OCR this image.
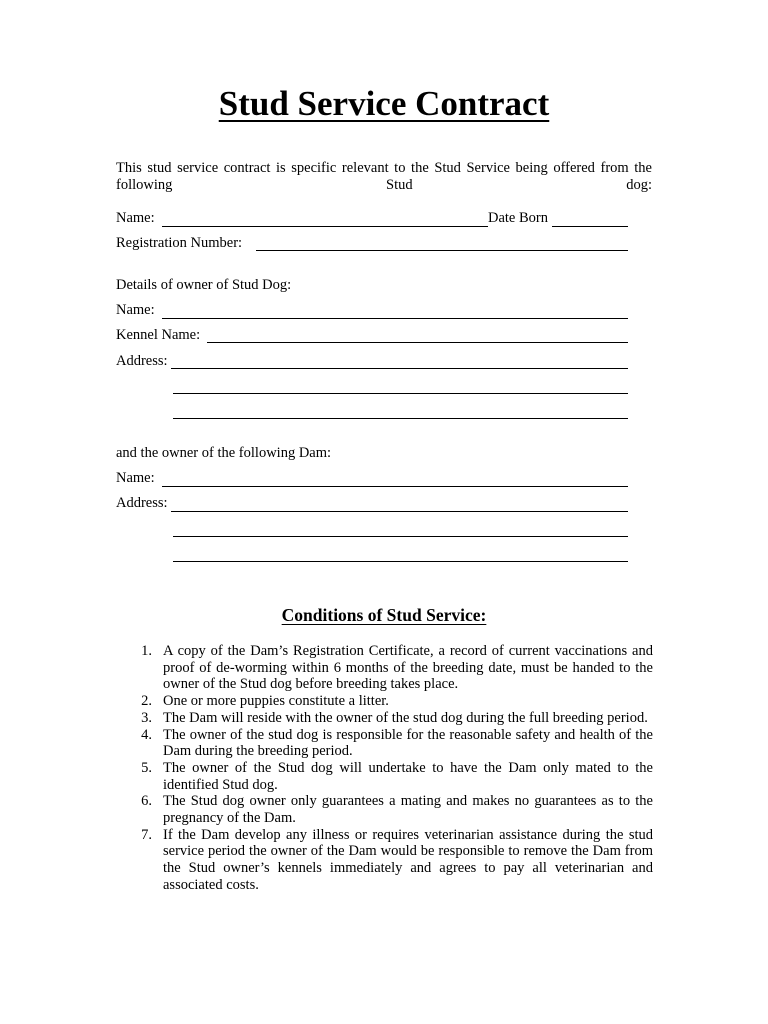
Stud Service Contract
This stud service contract is specific relevant to the Stud Service being offered from the following Stud dog:
Name:	Date Born
Registration Number:
Details of owner of Stud Dog:
Name:
Kennel Name:
Address:
and the owner of the following Dam:
Name:
Address:
Conditions of Stud Service:
1. A copy of the Dam’s Registration Certificate, a record of current vaccinations and proof of de-worming within 6 months of the breeding date, must be handed to the owner of the Stud dog before breeding takes place.
2. One or more puppies constitute a litter.
3. The Dam will reside with the owner of the stud dog during the full breeding period.
4. The owner of the stud dog is responsible for the reasonable safety and health of the Dam during the breeding period.
5. The owner of the Stud dog will undertake to have the Dam only mated to the identified Stud dog.
6. The Stud dog owner only guarantees a mating and makes no guarantees as to the pregnancy of the Dam.
7. If the Dam develop any illness or requires veterinarian assistance during the stud service period the owner of the Dam would be responsible to remove the Dam from the Stud owner’s kennels immediately and agrees to pay all veterinarian and associated costs.
